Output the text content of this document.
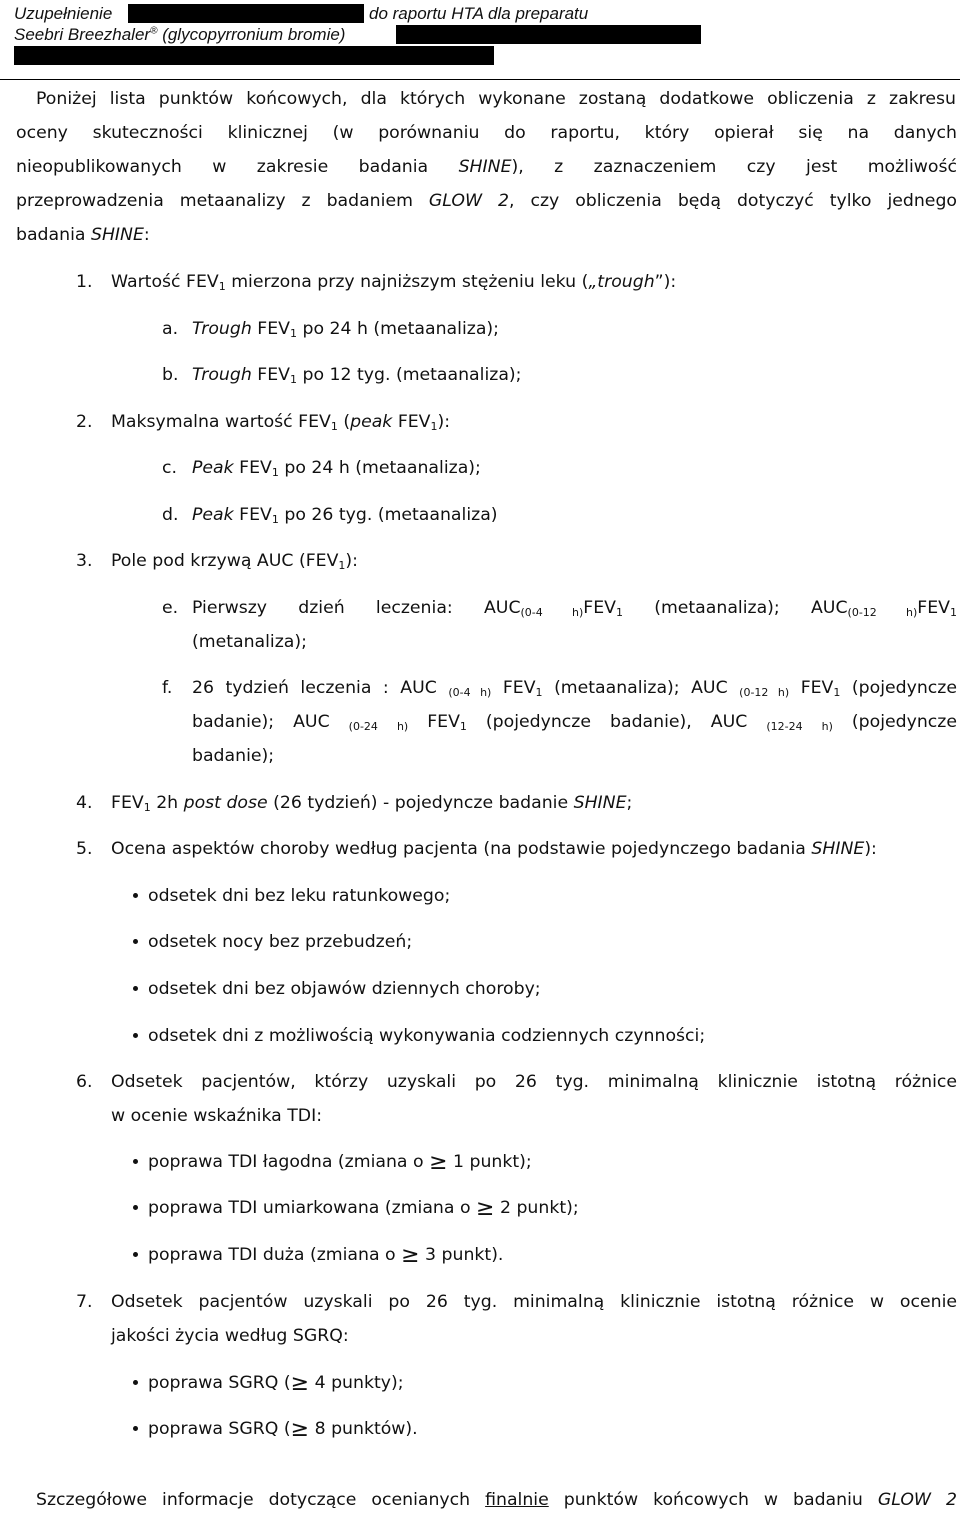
Uzupełnienie	do raportu HTA dla preparatu
Seebri Breezhaler® (glycopyrronium bromie)
Poniżej lista punktów końcowych, dla których wykonane zostaną dodatkowe obliczenia z zakresu
oceny skuteczności klinicznej (w porównaniu do raportu, który opierał się na danych
nieopublikowanych w zakresie badania SHINE), z zaznaczeniem czy jest możliwość
przeprowadzenia metaanalizy z badaniem GLOW 2, czy obliczenia będą dotyczyć tylko jednego
badania SHINE:
1. Wartość $FEV_1$ mierzona przy najniższym stężeniu leku („trough”):
a. Trough $FEV_1$ po 24 h (metaanaliza);
b. Trough $FEV_1$ po 12 tyg. (metaanaliza);
2. Maksymalna wartość $FEV_1$ (peak $FEV_1$):
c. Peak $FEV_1$ po 24 h (metaanaliza);
d. Peak $FEV_1$ po 26 tyg. (metaanaliza)
3. Pole pod krzywą AUC $(FEV_1)$:
e. Pierwszy dzień leczenia: $AUC_{(0-4 h)}FEV_1$ (metaanaliza); $AUC_{(0-12 h)}FEV_1$
(metanaliza);
f. 26 tydzień leczenia : AUC $_{(0-4 h)}$ $FEV_1$ (metaanaliza); AUC $_{(0-12 h)}$ $FEV_1$ (pojedyncze
badanie); AUC $_{(0-24}$ $_{h)}$ $FEV_1$ (pojedyncze badanie), AUC $_{(12-24}$ $_{h)}$ (pojedyncze
badanie);
4. $FEV_1$ 2h post dose (26 tydzień) - pojedyncze badanie SHINE;
5. Ocena aspektów choroby według pacjenta (na podstawie pojedynczego badania SHINE):
odsetek dni bez leku ratunkowego;
odsetek nocy bez przebudzeń;
odsetek dni bez objawów dziennych choroby;
odsetek dni z możliwością wykonywania codziennych czynności;
6. Odsetek pacjentów, którzy uzyskali po 26 tyg. minimalną klinicznie istotną różnice
w ocenie wskaźnika TDI:
poprawa TDI łagodna (zmiana o ≥ 1 punkt);
poprawa TDI umiarkowana (zmiana o ≥ 2 punkt);
poprawa TDI duża (zmiana o ≥ 3 punkt).
7. Odsetek pacjentów uzyskali po 26 tyg. minimalną klinicznie istotną różnice w ocenie
jakości życia według SGRQ:
poprawa SGRQ (≥ 4 punkty);
poprawa SGRQ (≥ 8 punktów).
Szczegółowe informacje dotyczące ocenianych finalnie punktów końcowych w badaniu GLOW 2
